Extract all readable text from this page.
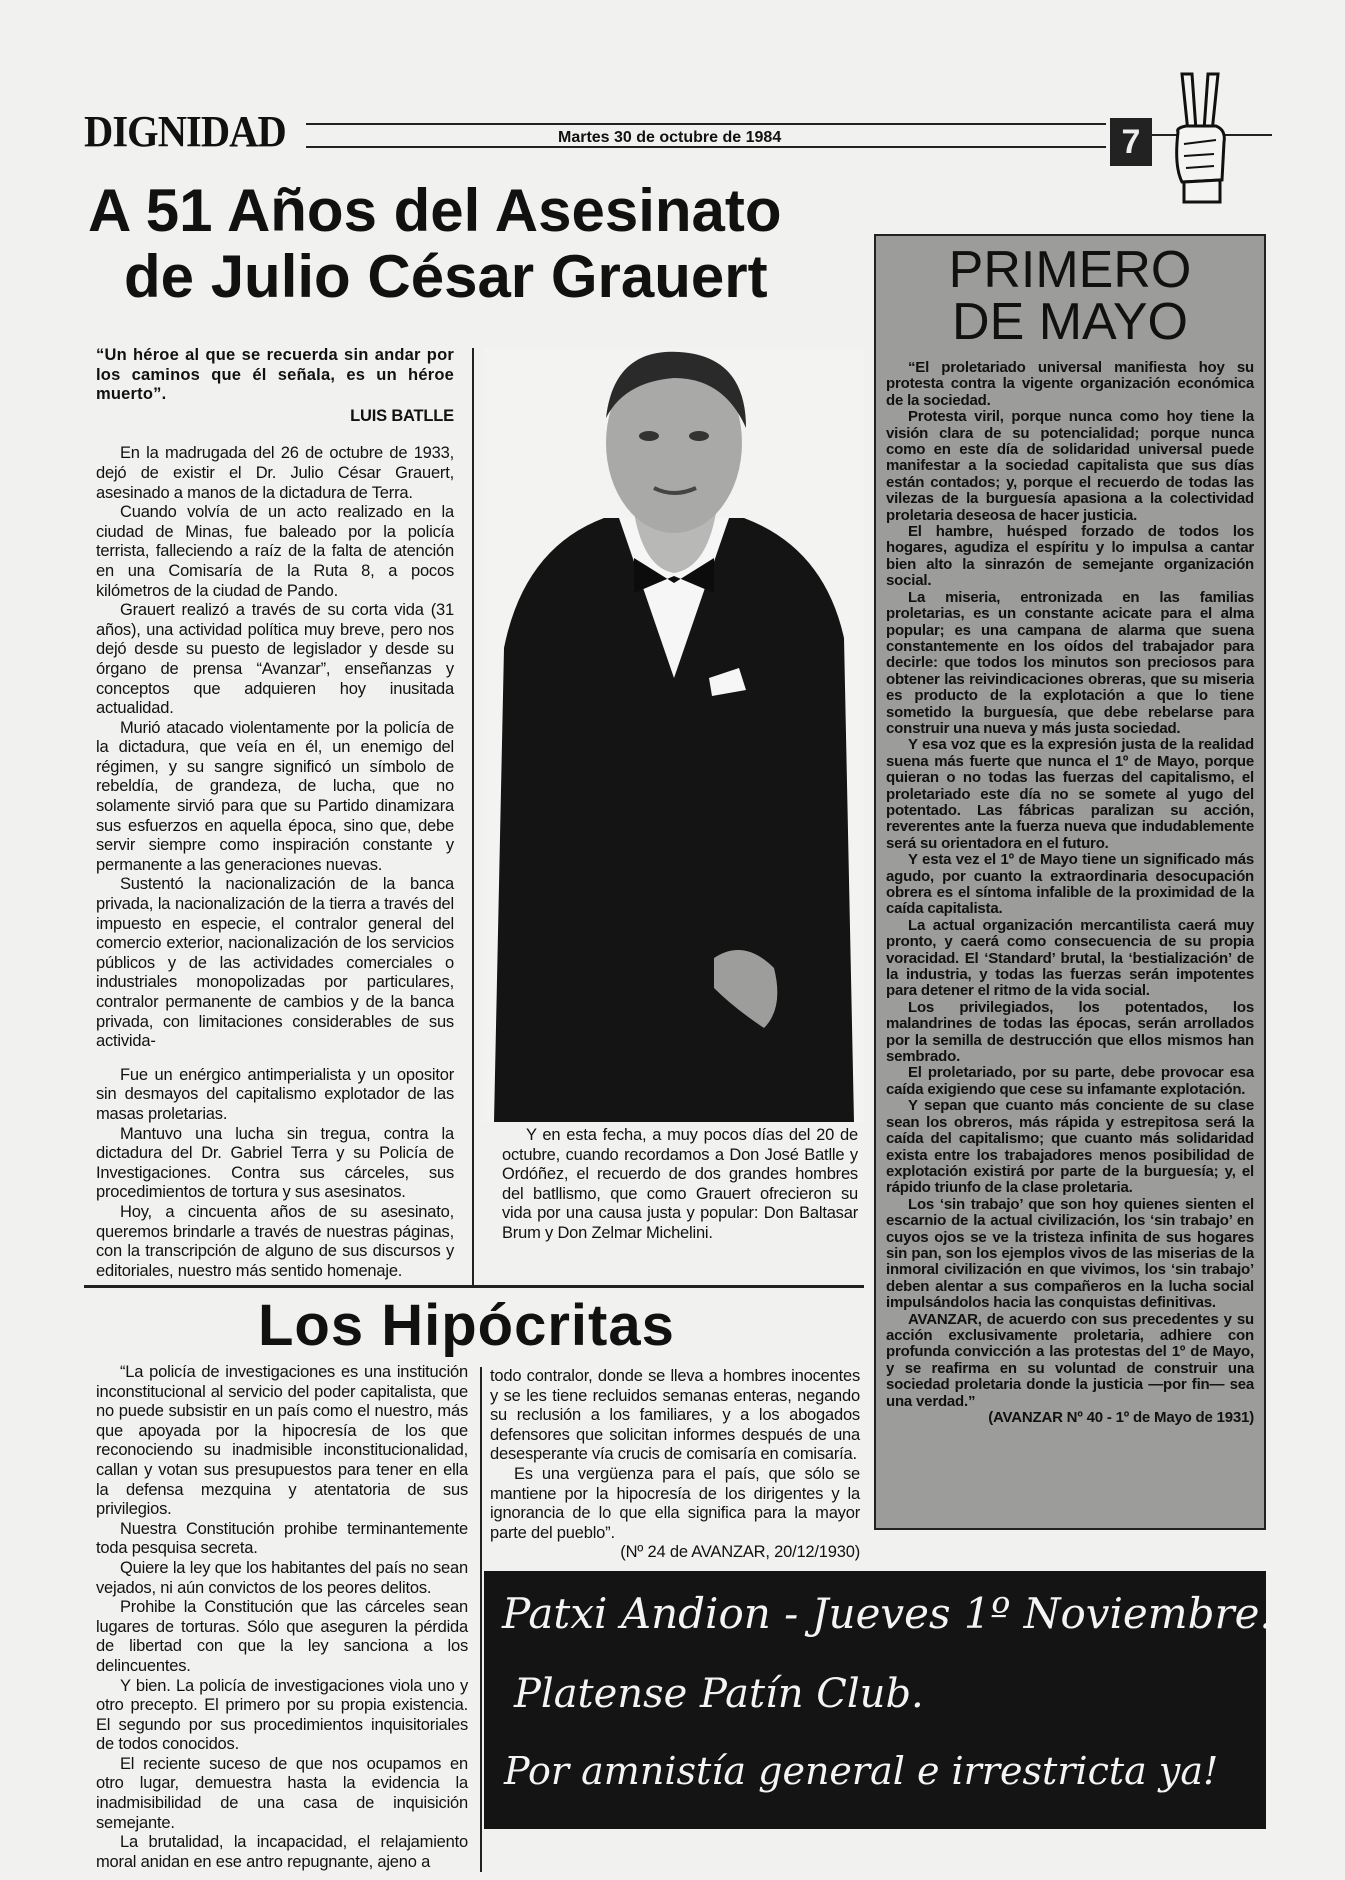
DIGNIDAD	Martes 30 de octubre de 1984	7
A 51 Años del Asesinato
de Julio César Grauert

“Un héroe al que se recuerda sin andar por los caminos que él señala, es un héroe muerto”.

LUIS BATLLE

En la madrugada del 26 de octubre de 1933, dejó de existir el Dr. Julio César Grauert, asesinado a manos de la dictadura de Terra.

Cuando volvía de un acto realizado en la ciudad de Minas, fue baleado por la policía terrista, falleciendo a raíz de la falta de atención en una Comisaría de la Ruta 8, a pocos kilómetros de la ciudad de Pando.

Grauert realizó a través de su corta vida (31 años), una actividad política muy breve, pero nos dejó desde su puesto de legislador y desde su órgano de prensa “Avanzar”, enseñanzas y conceptos que adquieren hoy inusitada actualidad.

Murió atacado violentamente por la policía de la dictadura, que veía en él, un enemigo del régimen, y su sangre significó un símbolo de rebeldía, de grandeza, de lucha, que no solamente sirvió para que su Partido dinamizara sus esfuerzos en aquella época, sino que, debe servir siempre como inspiración constante y permanente a las generaciones nuevas.

Sustentó la nacionalización de la banca privada, la nacionalización de la tierra a través del impuesto en especie, el contralor general del comercio exterior, nacionalización de los servicios públicos y de las actividades comerciales o industriales monopolizadas por particulares, contralor permanente de cambios y de la banca privada, con limitaciones considerables de sus activida-

Fue un enérgico antimperialista y un opositor sin desmayos del capitalismo explotador de las masas proletarias.

Mantuvo una lucha sin tregua, contra la dictadura del Dr. Gabriel Terra y su Policía de Investigaciones. Contra sus cárceles, sus procedimientos de tortura y sus asesinatos.

Hoy, a cincuenta años de su asesinato, queremos brindarle a través de nuestras páginas, con la transcripción de alguno de sus discursos y editoriales, nuestro más sentido homenaje.

Y en esta fecha, a muy pocos días del 20 de octubre, cuando recordamos a Don José Batlle y Ordóñez, el recuerdo de dos grandes hombres del batllismo, que como Grauert ofrecieron su vida por una causa justa y popular: Don Baltasar Brum y Don Zelmar Michelini.

PRIMERO
DE MAYO

“El proletariado universal manifiesta hoy su protesta contra la vigente organización económica de la sociedad.

Protesta viril, porque nunca como hoy tiene la visión clara de su potencialidad; porque nunca como en este día de solidaridad universal puede manifestar a la sociedad capitalista que sus días están contados; y, porque el recuerdo de todas las vilezas de la burguesía apasiona a la colectividad proletaria deseosa de hacer justicia.

El hambre, huésped forzado de todos los hogares, agudiza el espíritu y lo impulsa a cantar bien alto la sinrazón de semejante organización social.

La miseria, entronizada en las familias proletarias, es un constante acicate para el alma popular; es una campana de alarma que suena constantemente en los oídos del trabajador para decirle: que todos los minutos son preciosos para obtener las reivindicaciones obreras, que su miseria es producto de la explotación a que lo tiene sometido la burguesía, que debe rebelarse para construir una nueva y más justa sociedad.

Y esa voz que es la expresión justa de la realidad suena más fuerte que nunca el 1º de Mayo, porque quieran o no todas las fuerzas del capitalismo, el proletariado este día no se somete al yugo del potentado. Las fábricas paralizan su acción, reverentes ante la fuerza nueva que indudablemente será su orientadora en el futuro.

Y esta vez el 1º de Mayo tiene un significado más agudo, por cuanto la extraordinaria desocupación obrera es el síntoma infalible de la proximidad de la caída capitalista.

La actual organización mercantilista caerá muy pronto, y caerá como consecuencia de su propia voracidad. El ‘Standard’ brutal, la ‘bestialización’ de la industria, y todas las fuerzas serán impotentes para detener el ritmo de la vida social.

Los privilegiados, los potentados, los malandrines de todas las épocas, serán arrollados por la semilla de destrucción que ellos mismos han sembrado.

El proletariado, por su parte, debe provocar esa caída exigiendo que cese su infamante explotación.

Y sepan que cuanto más conciente de su clase sean los obreros, más rápida y estrepitosa será la caída del capitalismo; que cuanto más solidaridad exista entre los trabajadores menos posibilidad de explotación existirá por parte de la burguesía; y, el rápido triunfo de la clase proletaria.

Los ‘sin trabajo’ que son hoy quienes sienten el escarnio de la actual civilización, los ‘sin trabajo’ en cuyos ojos se ve la tristeza infinita de sus hogares sin pan, son los ejemplos vivos de las miserias de la inmoral civilización en que vivimos, los ‘sin trabajo’ deben alentar a sus compañeros en la lucha social impulsándolos hacia las conquistas definitivas.

AVANZAR, de acuerdo con sus precedentes y su acción exclusivamente proletaria, adhiere con profunda convicción a las protestas del 1º de Mayo, y se reafirma en su voluntad de construir una sociedad proletaria donde la justicia —por fin— sea una verdad.”

(AVANZAR Nº 40 - 1º de Mayo de 1931)

Los Hipócritas

“La policía de investigaciones es una institución inconstitucional al servicio del poder capitalista, que no puede subsistir en un país como el nuestro, más que apoyada por la hipocresía de los que reconociendo su inadmisible inconstitucionalidad, callan y votan sus presupuestos para tener en ella la defensa mezquina y atentatoria de sus privilegios.

Nuestra Constitución prohibe terminantemente toda pesquisa secreta.

Quiere la ley que los habitantes del país no sean vejados, ni aún convictos de los peores delitos.

Prohibe la Constitución que las cárceles sean lugares de torturas. Sólo que aseguren la pérdida de libertad con que la ley sanciona a los delincuentes.

Y bien. La policía de investigaciones viola uno y otro precepto. El primero por su propia existencia. El segundo por sus procedimientos inquisitoriales de todos conocidos.

El reciente suceso de que nos ocupamos en otro lugar, demuestra hasta la evidencia la inadmisibilidad de una casa de inquisición semejante.

La brutalidad, la incapacidad, el relajamiento moral anidan en ese antro repugnante, ajeno a

todo contralor, donde se lleva a hombres inocentes y se les tiene recluidos semanas enteras, negando su reclusión a los familiares, y a los abogados defensores que solicitan informes después de una desesperante vía crucis de comisaría en comisaría.

Es una vergüenza para el país, que sólo se mantiene por la hipocresía de los dirigentes y la ignorancia de lo que ella significa para la mayor parte del pueblo”.

(Nº 24 de AVANZAR, 20/12/1930)

Patxi Andion - Jueves 1º Noviembre.
Platense Patín Club.
Por amnistía general e irrestricta ya!
